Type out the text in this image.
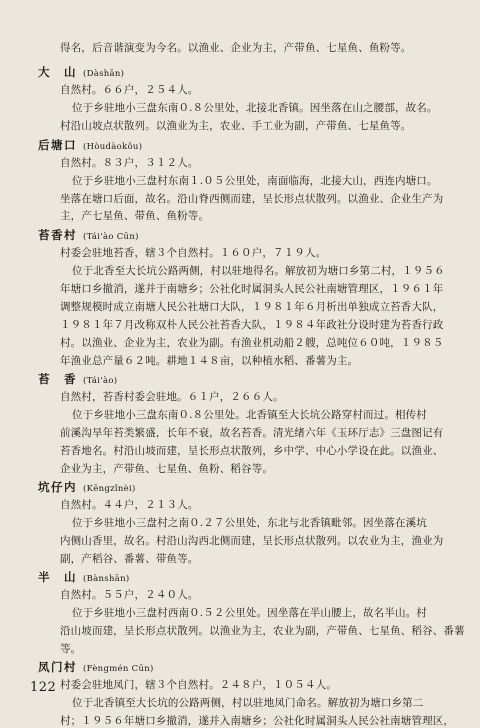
得名，后音谐演变为今名。以渔业、企业为主，产带鱼、七星鱼、鱼粉等。
大　山 (Dàshān)
自然村。６６户，２５４人。
位于乡驻地小三盘东南０.８公里处，北接北香镇。因坐落在山之腰部，故名。
村沿山坡点状散列。以渔业为主，农业、手工业为副，产带鱼、七星鱼等。
后塘口 (Hòudàokǒu)
自然村。８３户，３１２人。
位于乡驻地小三盘村东南１.０５公里处，南面临海，北接大山，西连内塘口。
坐落在塘口后面，故名。沿山脊西侧而建，呈长形点状散列。以渔业、企业生产为
主，产七星鱼、带鱼、鱼粉等。
苔香村 (Tái'ào Cūn)
村委会驻地苔香，辖３个自然村。１６０户，７１９人。
位于北香至大长坑公路两侧，村以驻地得名。解放初为塘口乡第二村，１９５６
年塘口乡撤消，遂并于南塘乡；公社化时属洞头人民公社南塘管理区，１９６１年
调整规模时成立南塘人民公社塘口大队，１９８１年６月析出单独成立苔香大队，
１９８１年７月改称双朴人民公社苔香大队，１９８４年政社分设时建为苔香行政
村。以渔业、企业为主，农业为副。有渔业机动船２艘，总吨位６０吨，１９８５
年渔业总产量６２吨。耕地１４８亩，以种植水稻、番薯为主。
苔　香 (Tái'ào)
自然村，苔香村委会驻地。６１户，２６６人。
位于乡驻地小三盘东南０.８公里处。北香镇至大长坑公路穿村而过。相传村
前溪沟旱年苔类繁盛，长年不衰，故名苔香。清光绪六年《玉环厅志》三盘图记有
苔香地名。村沿山坡而建，呈长形点状散列，乡中学、中心小学设在此。以渔业、
企业为主，产带鱼、七星鱼、鱼粉、稻谷等。
坑仔内 (Kēngzǐnèi)
自然村。４４户，２１３人。
位于乡驻地小三盘村之南０.２７公里处，东北与北香镇毗邻。因坐落在溪坑
内侧山香里，故名。村沿山沟西北侧而建，呈长形点状散列。以农业为主，渔业为
副，产稻谷、番薯、带鱼等。
半　山 (Bànshān)
自然村。５５户，２４０人。
位于乡驻地小三盘村西南０.５２公里处。因坐落在半山腰上，故名半山。村
沿山坡而建，呈长形点状散列。以渔业为主，农业为副，产带鱼、七星鱼、稻谷、番薯
等。
凤门村 (Fèngmén Cūn)
村委会驻地凤门，辖３个自然村。２４８户，１０５４人。
位于北香镇至大长坑的公路两侧，村以驻地凤门命名。解放初为塘口乡第二
村；１９５６年塘口乡撤消，遂并入南塘乡；公社化时属洞头人民公社南塘管理区，
122
